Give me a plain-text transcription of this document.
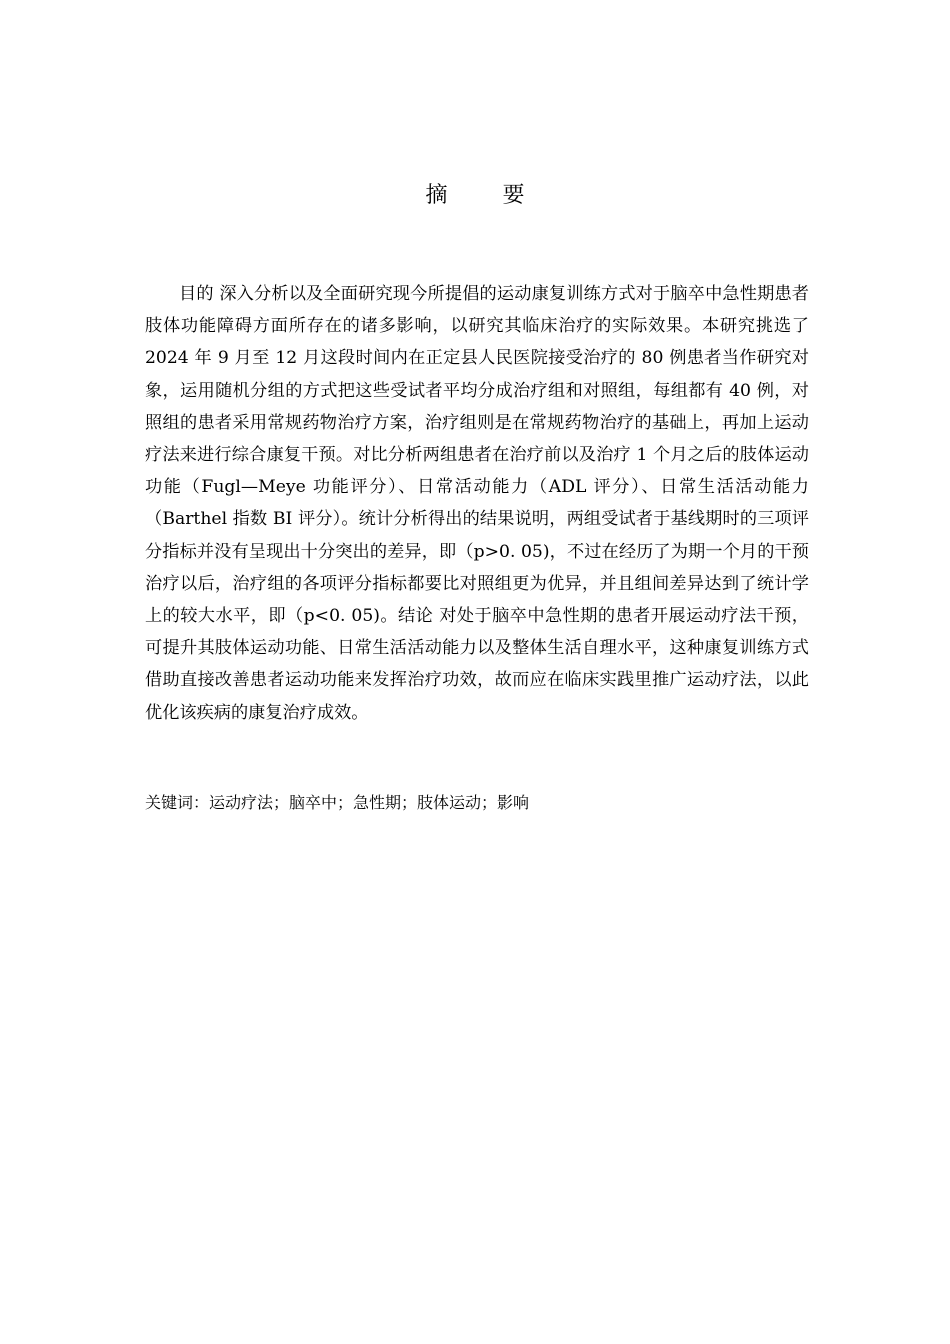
摘 要

目的 深入分析以及全面研究现今所提倡的运动康复训练方式对于脑卒中急性期患者肢体功能障碍方面所存在的诸多影响，以研究其临床治疗的实际效果。本研究挑选了 2024 年 9 月至 12 月这段时间内在正定县人民医院接受治疗的 80 例患者当作研究对象，运用随机分组的方式把这些受试者平均分成治疗组和对照组，每组都有 40 例，对照组的患者采用常规药物治疗方案，治疗组则是在常规药物治疗的基础上，再加上运动疗法来进行综合康复干预。对比分析两组患者在治疗前以及治疗 1 个月之后的肢体运动功能（Fugl—Meye 功能评分）、日常活动能力（ADL 评分）、日常生活活动能力（Barthel 指数 BI 评分）。统计分析得出的结果说明，两组受试者于基线期时的三项评分指标并没有呈现出十分突出的差异，即（p>0. 05)，不过在经历了为期一个月的干预治疗以后，治疗组的各项评分指标都要比对照组更为优异，并且组间差异达到了统计学上的较大水平，即（p<0. 05)。结论 对处于脑卒中急性期的患者开展运动疗法干预，可提升其肢体运动功能、日常生活活动能力以及整体生活自理水平，这种康复训练方式借助直接改善患者运动功能来发挥治疗功效，故而应在临床实践里推广运动疗法，以此优化该疾病的康复治疗成效。

关键词：运动疗法；脑卒中；急性期；肢体运动；影响
